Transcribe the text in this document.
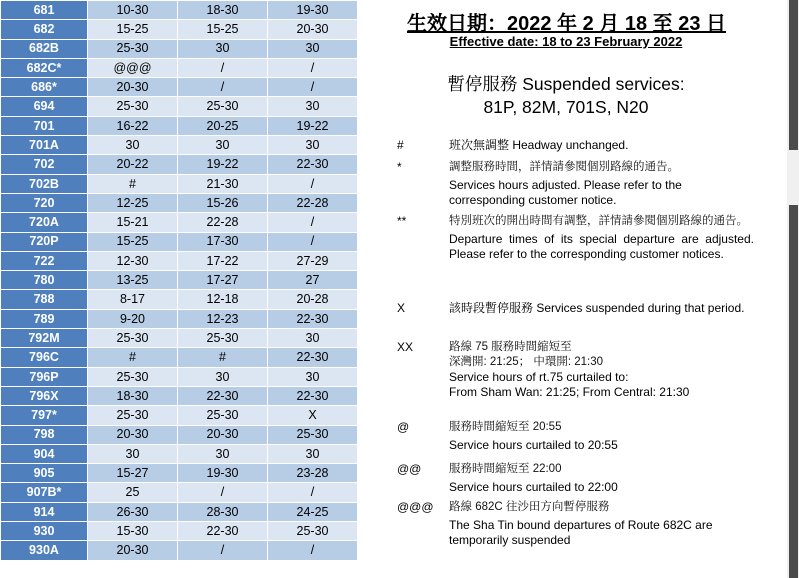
681	10-30	18-30	19-30
682	15-25	15-25	20-30
682B	25-30	30	30
682C*	@@@	/	/
686*	20-30	/	/
694	25-30	25-30	30
701	16-22	20-25	19-22
701A	30	30	30
702	20-22	19-22	22-30
702B	#	21-30	/
720	12-25	15-26	22-28
720A	15-21	22-28	/
720P	15-25	17-30	/
722	12-30	17-22	27-29
780	13-25	17-27	27
788	8-17	12-18	20-28
789	9-20	12-23	22-30
792M	25-30	25-30	30
796C	#	#	22-30
796P	25-30	30	30
796X	18-30	22-30	22-30
797*	25-30	25-30	X
798	20-30	20-30	25-30
904	30	30	30
905	15-27	19-30	23-28
907B*	25	/	/
914	26-30	28-30	24-25
930	15-30	22-30	25-30
930A	20-30	/	/
生效日期：2022 年 2 月 18 至 23 日
Effective date: 18 to 23 February 2022
暫停服務 Suspended services:
81P, 82M, 701S, N20
#	班次無調整 Headway unchanged.
*	調整服務時間，詳情請參閱個別路線的通告。
Services hours adjusted. Please refer to the corresponding customer notice.
**	特別班次的開出時間有調整，詳情請參閱個別路線的通告。
Departure times of its special departure are adjusted. Please refer to the corresponding customer notices.
X	該時段暫停服務 Services suspended during that period.
XX	路線 75 服務時間縮短至
深灣開: 21:25； 中環開: 21:30
Service hours of rt.75 curtailed to:
From Sham Wan: 21:25; From Central: 21:30
@	服務時間縮短至 20:55
Service hours curtailed to 20:55
@@	服務時間縮短至 22:00
Service hours curtailed to 22:00
@@@	路線 682C 往沙田方向暫停服務
The Sha Tin bound departures of Route 682C are temporarily suspended
